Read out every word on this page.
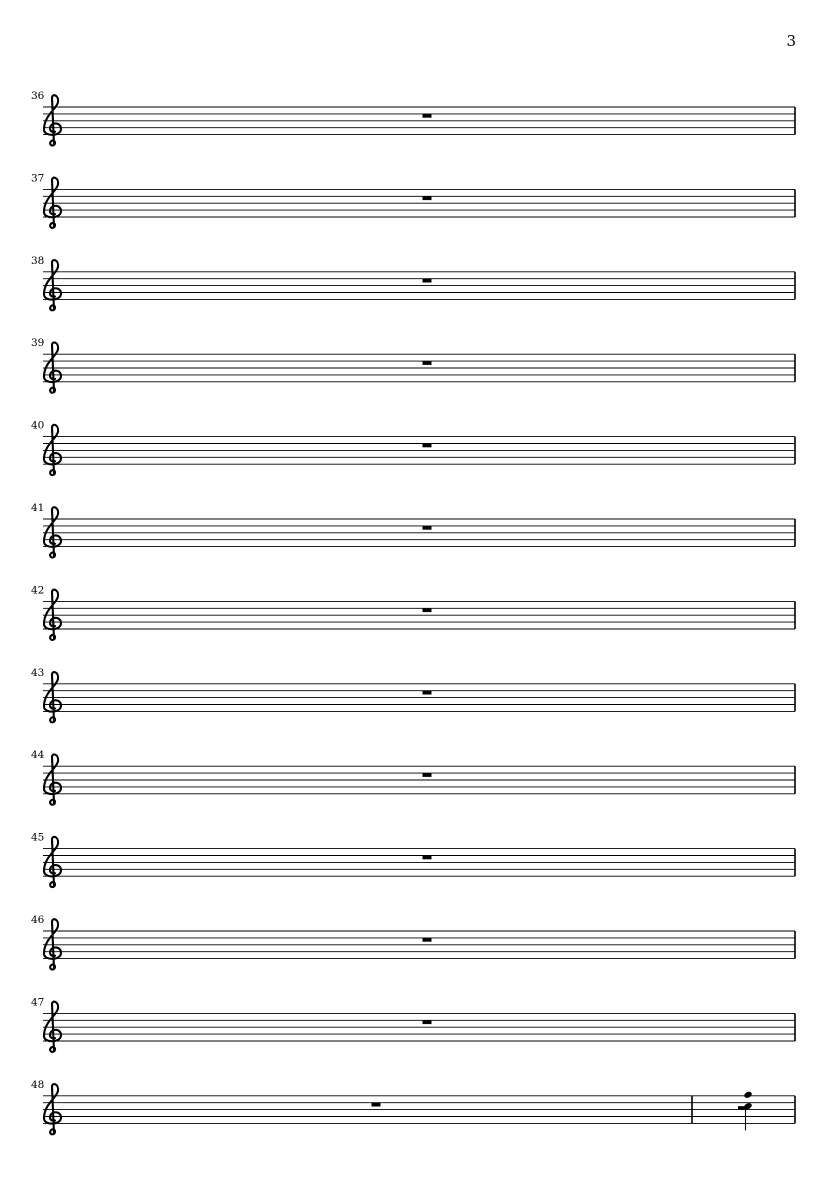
3
36
37
38
39
40
41
42
43
44
45
46
47
48
